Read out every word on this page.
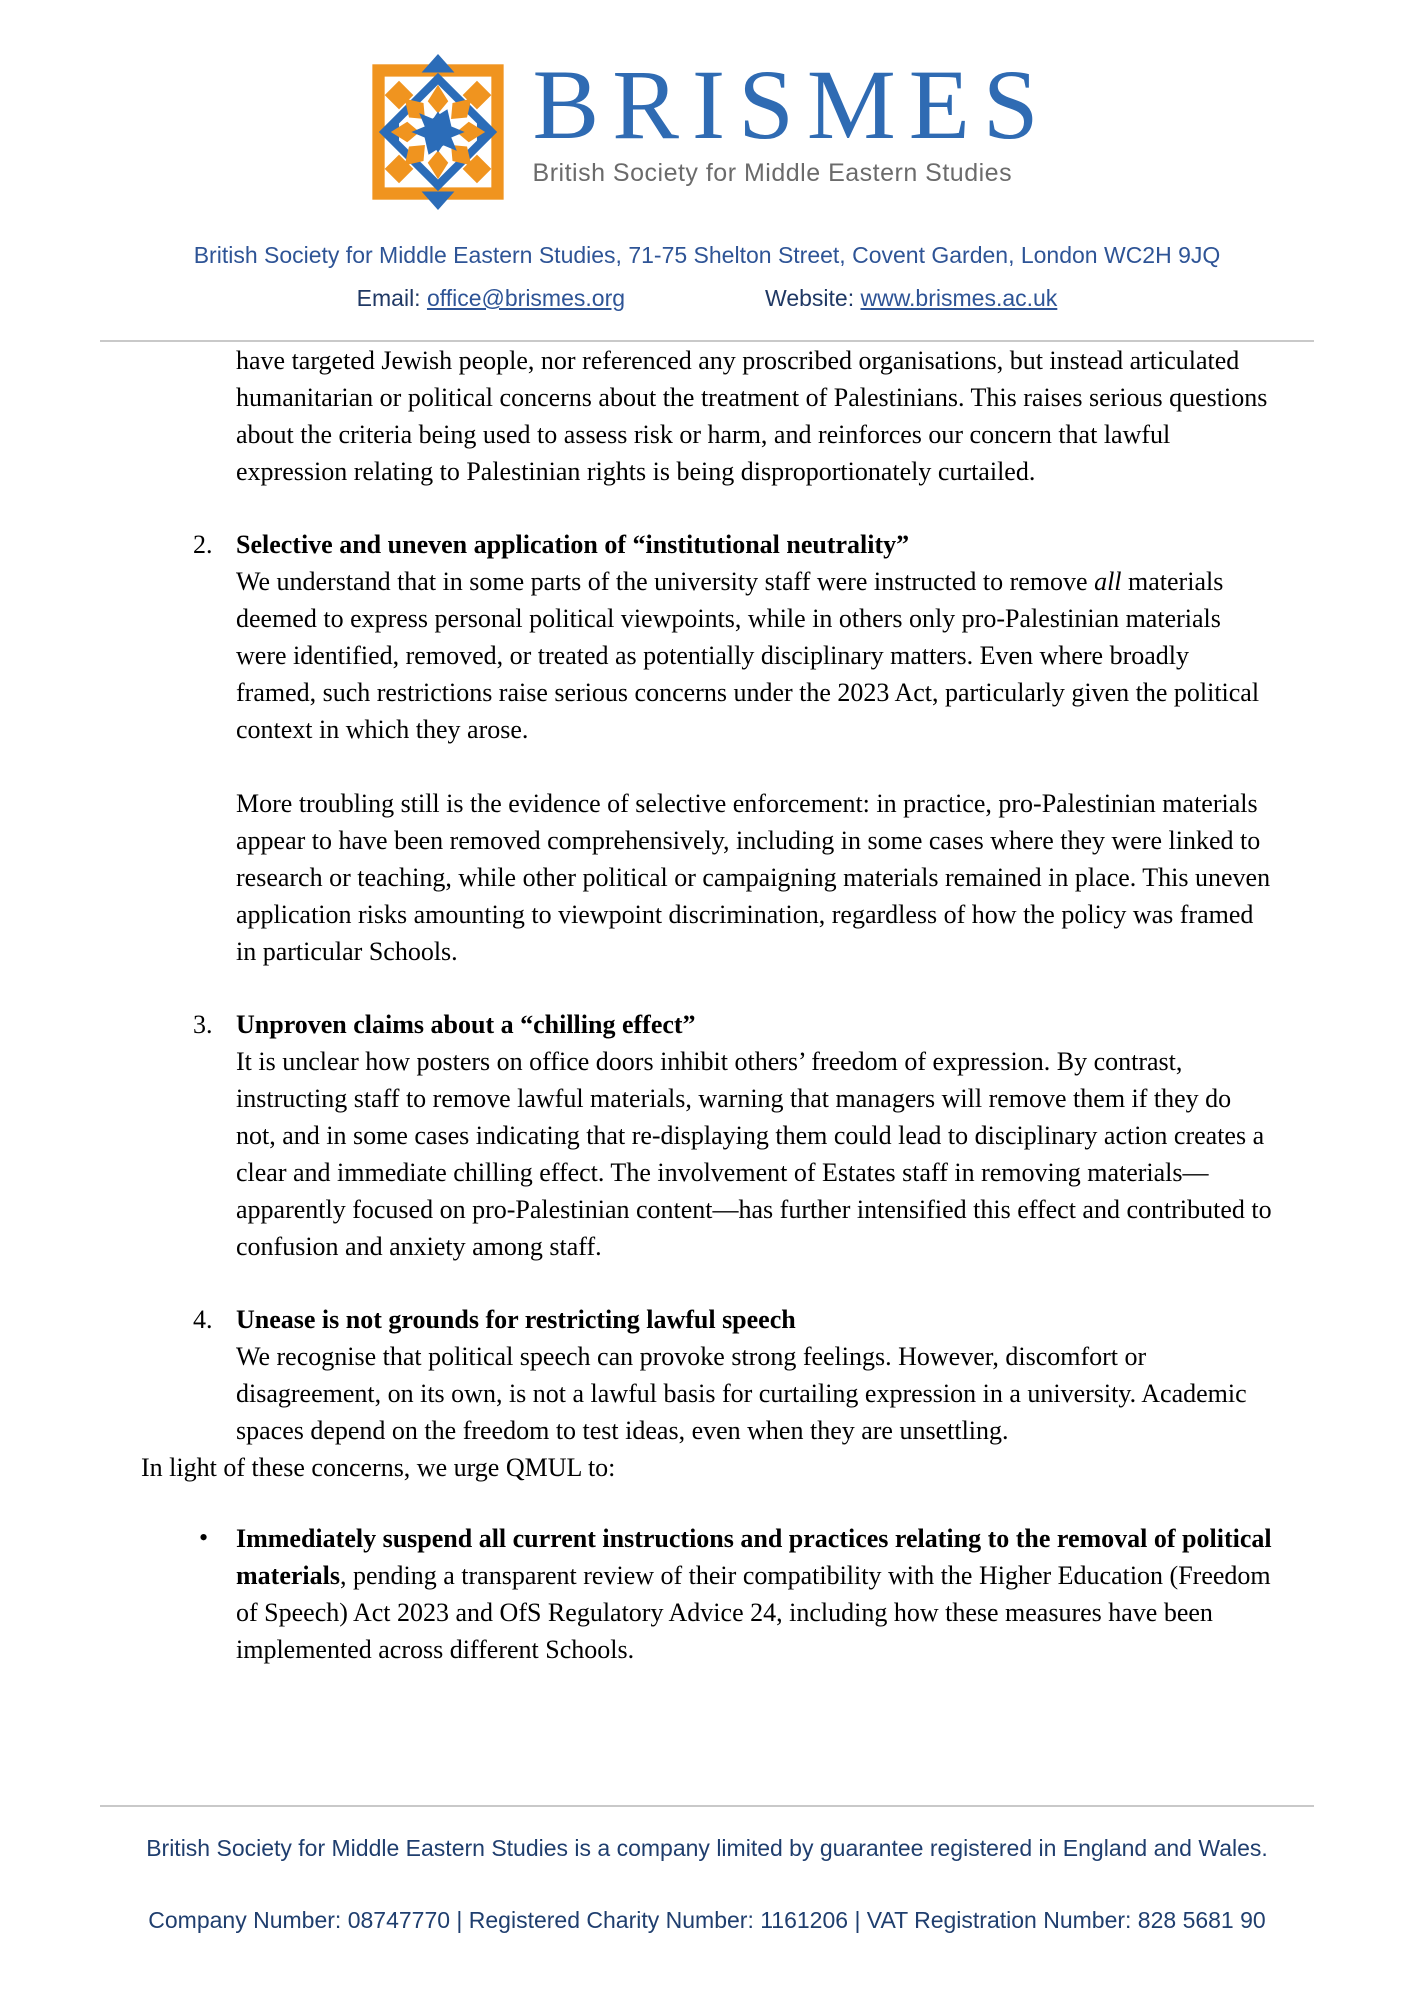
BRISMES
British Society for Middle Eastern Studies
British Society for Middle Eastern Studies, 71-75 Shelton Street, Covent Garden, London WC2H 9JQ
Email: office@brismes.org	Website: www.brismes.ac.uk

have targeted Jewish people, nor referenced any proscribed organisations, but instead articulated humanitarian or political concerns about the treatment of Palestinians. This raises serious questions about the criteria being used to assess risk or harm, and reinforces our concern that lawful expression relating to Palestinian rights is being disproportionately curtailed.

2. Selective and uneven application of “institutional neutrality”

We understand that in some parts of the university staff were instructed to remove all materials deemed to express personal political viewpoints, while in others only pro-Palestinian materials were identified, removed, or treated as potentially disciplinary matters. Even where broadly framed, such restrictions raise serious concerns under the 2023 Act, particularly given the political context in which they arose.

More troubling still is the evidence of selective enforcement: in practice, pro-Palestinian materials appear to have been removed comprehensively, including in some cases where they were linked to research or teaching, while other political or campaigning materials remained in place. This uneven application risks amounting to viewpoint discrimination, regardless of how the policy was framed in particular Schools.

3. Unproven claims about a “chilling effect”

It is unclear how posters on office doors inhibit others’ freedom of expression. By contrast, instructing staff to remove lawful materials, warning that managers will remove them if they do not, and in some cases indicating that re-displaying them could lead to disciplinary action creates a clear and immediate chilling effect. The involvement of Estates staff in removing materials—apparently focused on pro-Palestinian content—has further intensified this effect and contributed to confusion and anxiety among staff.

4. Unease is not grounds for restricting lawful speech

We recognise that political speech can provoke strong feelings. However, discomfort or disagreement, on its own, is not a lawful basis for curtailing expression in a university. Academic spaces depend on the freedom to test ideas, even when they are unsettling.

In light of these concerns, we urge QMUL to:

• Immediately suspend all current instructions and practices relating to the removal of political materials, pending a transparent review of their compatibility with the Higher Education (Freedom of Speech) Act 2023 and OfS Regulatory Advice 24, including how these measures have been implemented across different Schools.

British Society for Middle Eastern Studies is a company limited by guarantee registered in England and Wales.
Company Number: 08747770 | Registered Charity Number: 1161206 | VAT Registration Number: 828 5681 90
